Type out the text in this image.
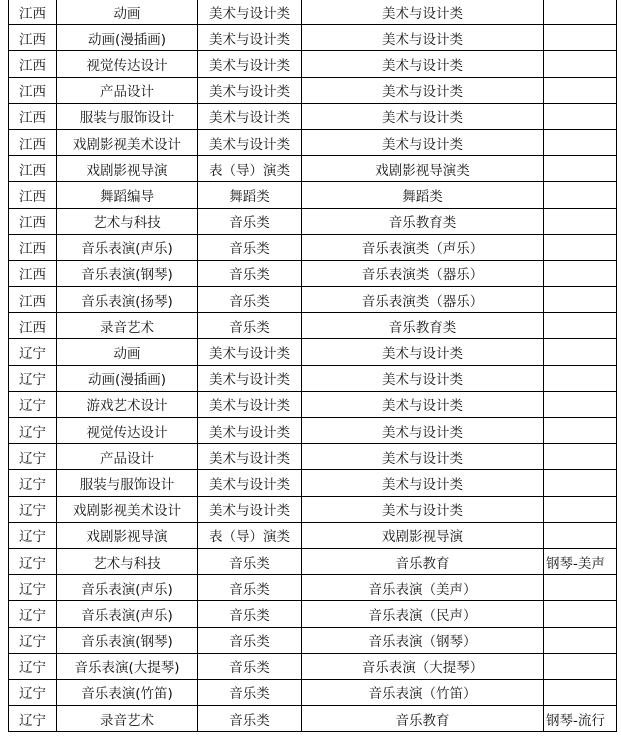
江西	动画	美术与设计类	美术与设计类	
江西	动画(漫插画)	美术与设计类	美术与设计类	
江西	视觉传达设计	美术与设计类	美术与设计类	
江西	产品设计	美术与设计类	美术与设计类	
江西	服装与服饰设计	美术与设计类	美术与设计类	
江西	戏剧影视美术设计	美术与设计类	美术与设计类	
江西	戏剧影视导演	表（导）演类	戏剧影视导演类	
江西	舞蹈编导	舞蹈类	舞蹈类	
江西	艺术与科技	音乐类	音乐教育类	
江西	音乐表演(声乐)	音乐类	音乐表演类（声乐）	
江西	音乐表演(钢琴)	音乐类	音乐表演类（器乐）	
江西	音乐表演(扬琴)	音乐类	音乐表演类（器乐）	
江西	录音艺术	音乐类	音乐教育类	
辽宁	动画	美术与设计类	美术与设计类	
辽宁	动画(漫插画)	美术与设计类	美术与设计类	
辽宁	游戏艺术设计	美术与设计类	美术与设计类	
辽宁	视觉传达设计	美术与设计类	美术与设计类	
辽宁	产品设计	美术与设计类	美术与设计类	
辽宁	服装与服饰设计	美术与设计类	美术与设计类	
辽宁	戏剧影视美术设计	美术与设计类	美术与设计类	
辽宁	戏剧影视导演	表（导）演类	戏剧影视导演	
辽宁	艺术与科技	音乐类	音乐教育	钢琴-美声
辽宁	音乐表演(声乐)	音乐类	音乐表演（美声）	
辽宁	音乐表演(声乐)	音乐类	音乐表演（民声）	
辽宁	音乐表演(钢琴)	音乐类	音乐表演（钢琴）	
辽宁	音乐表演(大提琴)	音乐类	音乐表演（大提琴）	
辽宁	音乐表演(竹笛)	音乐类	音乐表演（竹笛）	
辽宁	录音艺术	音乐类	音乐教育	钢琴-流行
